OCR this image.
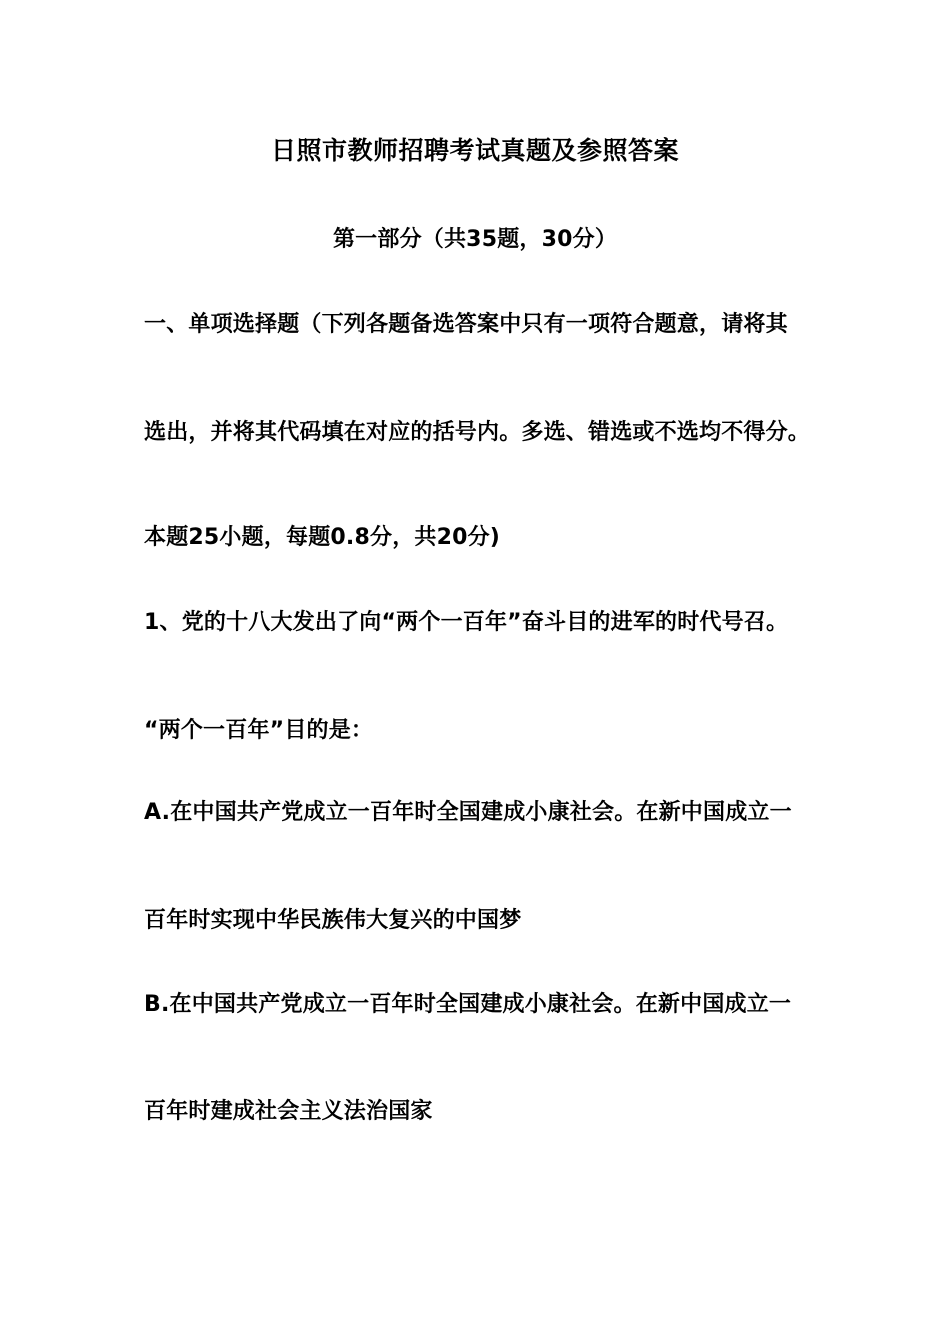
日照市教师招聘考试真题及参照答案
第一部分（共35题，30分）
一、单项选择题（下列各题备选答案中只有一项符合题意，请将其
选出，并将其代码填在对应的括号内。多选、错选或不选均不得分。
本题25小题，每题0.8分，共20分)
1、党的十八大发出了向“两个一百年”奋斗目的进军的时代号召。
“两个一百年”目的是：
A.在中国共产党成立一百年时全国建成小康社会。在新中国成立一
百年时实现中华民族伟大复兴的中国梦
B.在中国共产党成立一百年时全国建成小康社会。在新中国成立一
百年时建成社会主义法治国家
